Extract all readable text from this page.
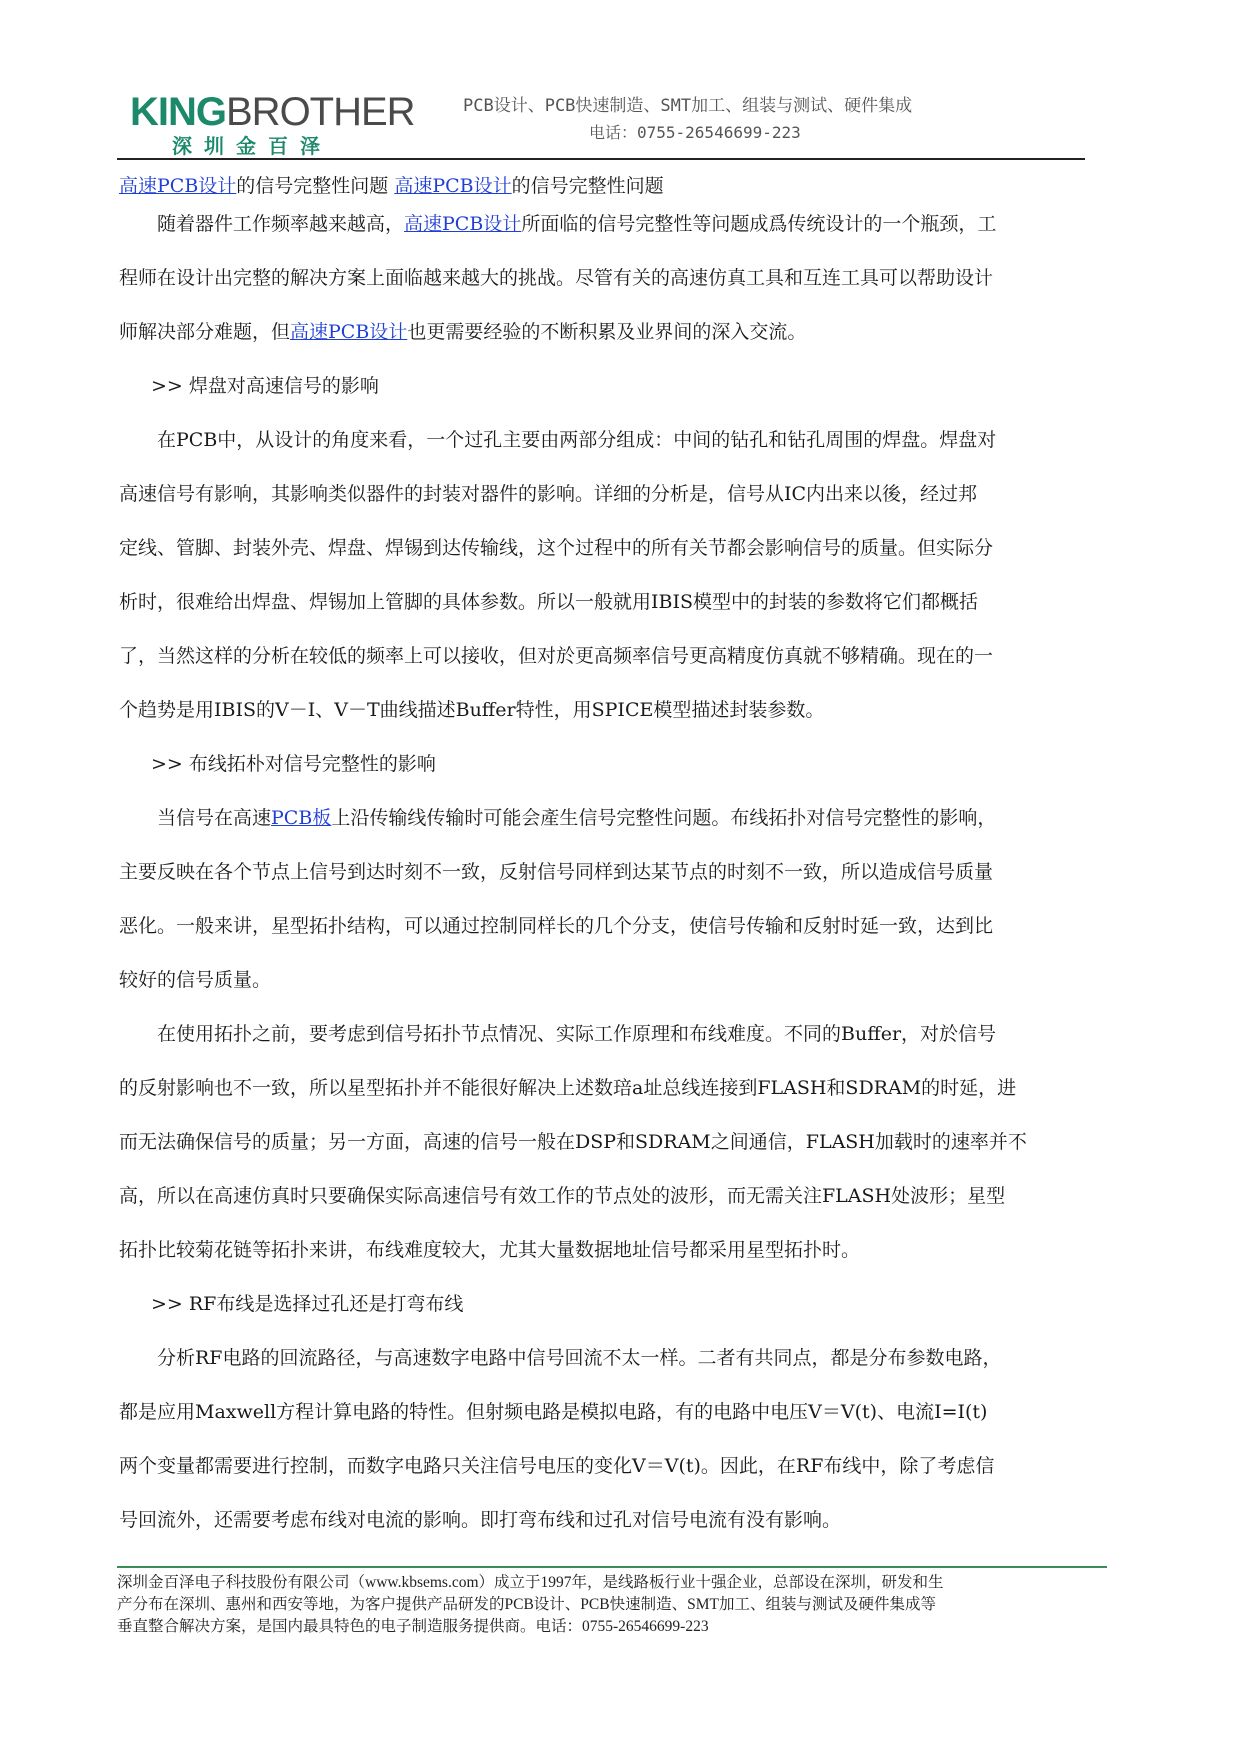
KINGBROTHER
深圳金百泽
PCB设计、PCB快速制造、SMT加工、组装与测试、硬件集成
电话：0755-26546699-223
高速PCB设计的信号完整性问题 高速PCB设计的信号完整性问题
随着器件工作频率越来越高，高速PCB设计所面临的信号完整性等问题成爲传统设计的一个瓶颈，工
程师在设计出完整的解决方案上面临越来越大的挑战。尽管有关的高速仿真工具和互连工具可以帮助设计
师解决部分难题，但高速PCB设计也更需要经验的不断积累及业界间的深入交流。
>> 焊盘对高速信号的影响
在PCB中，从设计的角度来看，一个过孔主要由两部分组成：中间的钻孔和钻孔周围的焊盘。焊盘对
高速信号有影响，其影响类似器件的封装对器件的影响。详细的分析是，信号从IC内出来以後，经过邦
定线、管脚、封装外壳、焊盘、焊锡到达传输线，这个过程中的所有关节都会影响信号的质量。但实际分
析时，很难给出焊盘、焊锡加上管脚的具体参数。所以一般就用IBIS模型中的封装的参数将它们都概括
了，当然这样的分析在较低的频率上可以接收，但对於更高频率信号更高精度仿真就不够精确。现在的一
个趋势是用IBIS的V－I、V－T曲线描述Buffer特性，用SPICE模型描述封装参数。
>> 布线拓朴对信号完整性的影响
当信号在高速PCB板上沿传输线传输时可能会產生信号完整性问题。布线拓扑对信号完整性的影响，
主要反映在各个节点上信号到达时刻不一致，反射信号同样到达某节点的时刻不一致，所以造成信号质量
恶化。一般来讲，星型拓扑结构，可以通过控制同样长的几个分支，使信号传输和反射时延一致，达到比
较好的信号质量。
在使用拓扑之前，要考虑到信号拓扑节点情况、实际工作原理和布线难度。不同的Buffer，对於信号
的反射影响也不一致，所以星型拓扑并不能很好解决上述数琣a址总线连接到FLASH和SDRAM的时延，进
而无法确保信号的质量；另一方面，高速的信号一般在DSP和SDRAM之间通信，FLASH加载时的速率并不
高，所以在高速仿真时只要确保实际高速信号有效工作的节点处的波形，而无需关注FLASH处波形；星型
拓扑比较菊花链等拓扑来讲，布线难度较大，尤其大量数据地址信号都采用星型拓扑时。
>> RF布线是选择过孔还是打弯布线
分析RF电路的回流路径，与高速数字电路中信号回流不太一样。二者有共同点，都是分布参数电路，
都是应用Maxwell方程计算电路的特性。但射频电路是模拟电路，有的电路中电压V＝V(t)、电流I=I(t)
两个变量都需要进行控制，而数字电路只关注信号电压的变化V＝V(t)。因此，在RF布线中，除了考虑信
号回流外，还需要考虑布线对电流的影响。即打弯布线和过孔对信号电流有没有影响。
深圳金百泽电子科技股份有限公司（www.kbsems.com）成立于1997年，是线路板行业十强企业，总部设在深圳，研发和生
产分布在深圳、惠州和西安等地，为客户提供产品研发的PCB设计、PCB快速制造、SMT加工、组装与测试及硬件集成等
垂直整合解决方案，是国内最具特色的电子制造服务提供商。电话：0755-26546699-223
